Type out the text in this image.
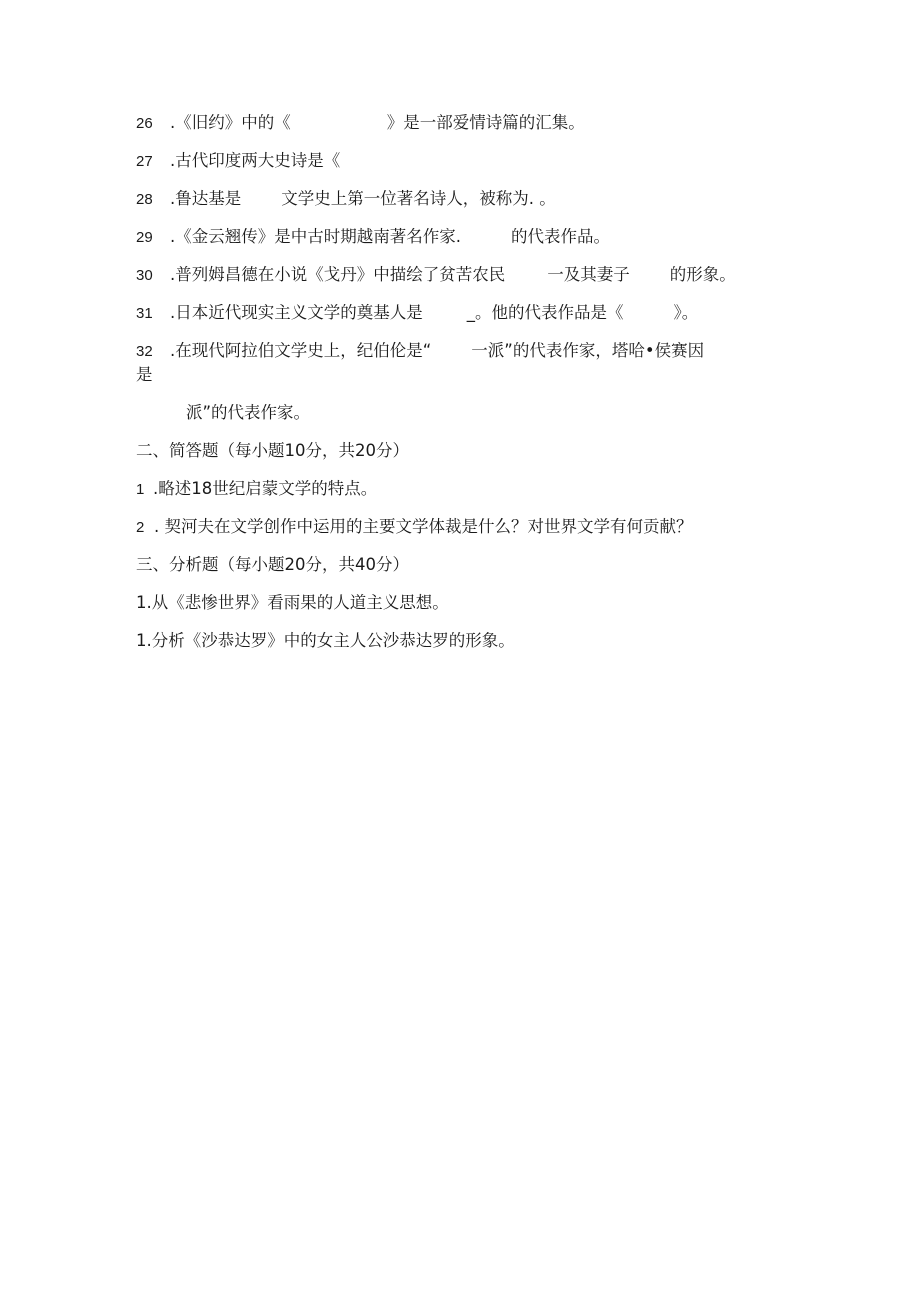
26 .《旧约》中的《	》是一部爱情诗篇的汇集。
27 .古代印度两大史诗是《
28 .鲁达基是 文学史上第一位著名诗人，被称为. 。
29 .《金云翘传》是中古时期越南著名作家.	的代表作品。
30 .普列姆昌德在小说《戈丹》中描绘了贫苦农民	一及其妻子 的形象。
31 .日本近代现实主义文学的奠基人是	_。他的代表作品是《	》。
32 .在现代阿拉伯文学史上，纪伯伦是“ 一派”的代表作家，塔哈•侯赛因
是
派”的代表作家。
二、简答题（每小题10分，共20分）
1 .略述18世纪启蒙文学的特点。
2 . 契河夫在文学创作中运用的主要文学体裁是什么？对世界文学有何贡献？
三、分析题（每小题20分，共40分）
1.从《悲惨世界》看雨果的人道主义思想。
1.分析《沙恭达罗》中的女主人公沙恭达罗的形象。
